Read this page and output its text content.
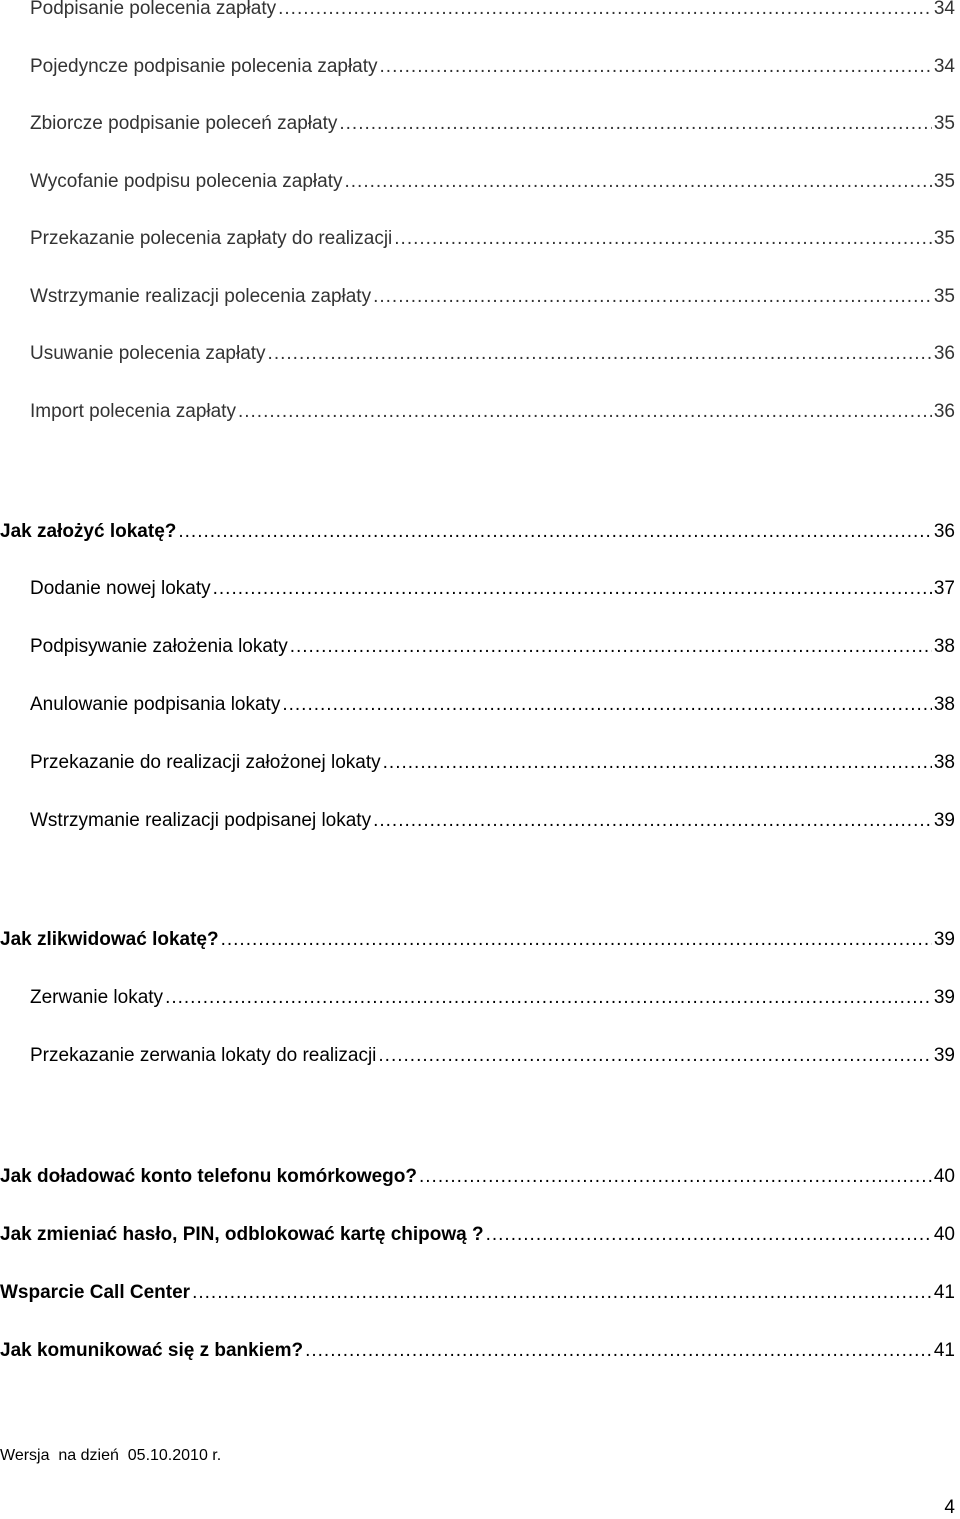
Podpisanie polecenia zapłaty .....	34
Pojedyncze podpisanie polecenia zapłaty .....	34
Zbiorcze podpisanie poleceń zapłaty .....	35
Wycofanie podpisu polecenia zapłaty .....	35
Przekazanie polecenia zapłaty do realizacji .....	35
Wstrzymanie realizacji polecenia zapłaty .....	35
Usuwanie polecenia zapłaty .....	36
Import polecenia zapłaty .....	36
Jak założyć lokatę? .....	36
Dodanie nowej lokaty .....	37
Podpisywanie założenia lokaty .....	38
Anulowanie podpisania lokaty .....	38
Przekazanie do realizacji założonej lokaty .....	38
Wstrzymanie realizacji podpisanej lokaty .....	39
Jak zlikwidować lokatę? .....	39
Zerwanie lokaty .....	39
Przekazanie zerwania lokaty do realizacji .....	39
Jak doładować konto telefonu komórkowego? .....	40
Jak zmieniać hasło, PIN, odblokować kartę chipową ? .....	40
Wsparcie Call Center .....	41
Jak komunikować się z bankiem? .....	41
Wersja  na dzień  05.10.2010 r.
4
